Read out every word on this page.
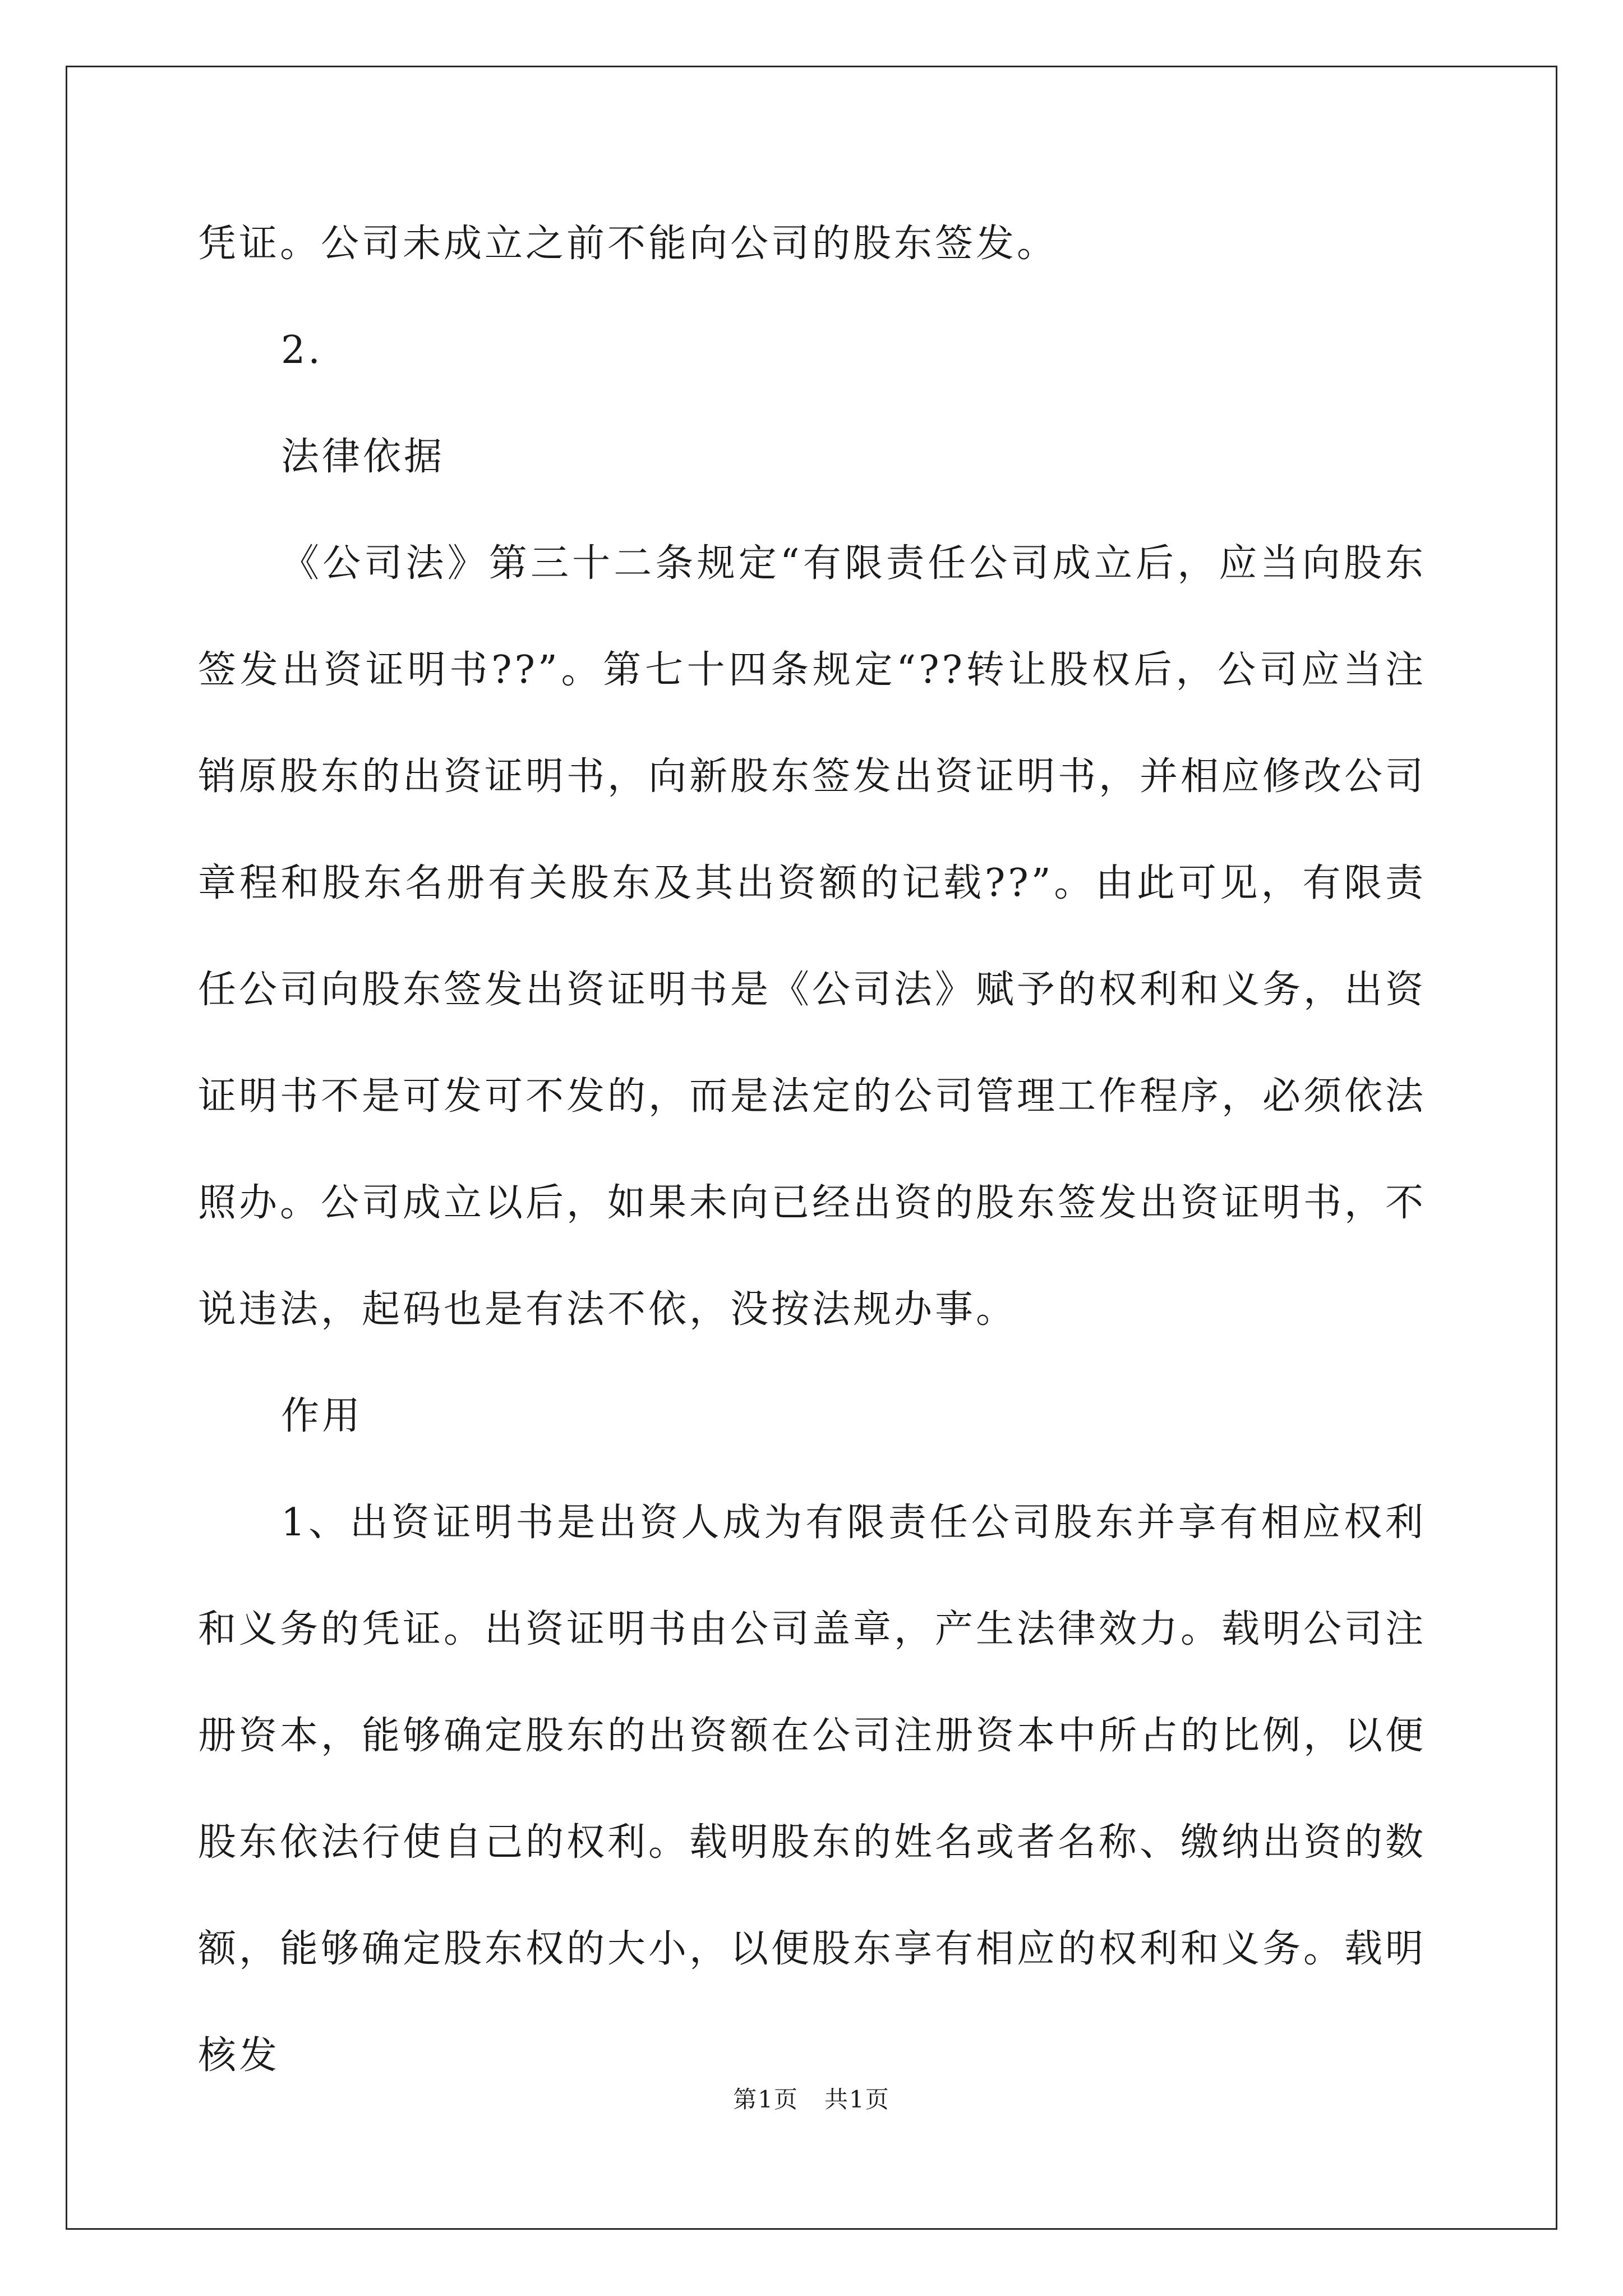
凭证。公司未成立之前不能向公司的股东签发。

2.

法律依据

《公司法》第三十二条规定“有限责任公司成立后，应当向股东签发出资证明书??”。第七十四条规定“??转让股权后，公司应当注销原股东的出资证明书，向新股东签发出资证明书，并相应修改公司章程和股东名册有关股东及其出资额的记载??”。由此可见，有限责任公司向股东签发出资证明书是《公司法》赋予的权利和义务，出资证明书不是可发可不发的，而是法定的公司管理工作程序，必须依法照办。公司成立以后，如果未向已经出资的股东签发出资证明书，不说违法，起码也是有法不依，没按法规办事。

作用

1、出资证明书是出资人成为有限责任公司股东并享有相应权利和义务的凭证。出资证明书由公司盖章，产生法律效力。载明公司注册资本，能够确定股东的出资额在公司注册资本中所占的比例，以便股东依法行使自己的权利。载明股东的姓名或者名称、缴纳出资的数额，能够确定股东权的大小，以便股东享有相应的权利和义务。载明核发

第1页   共1页
